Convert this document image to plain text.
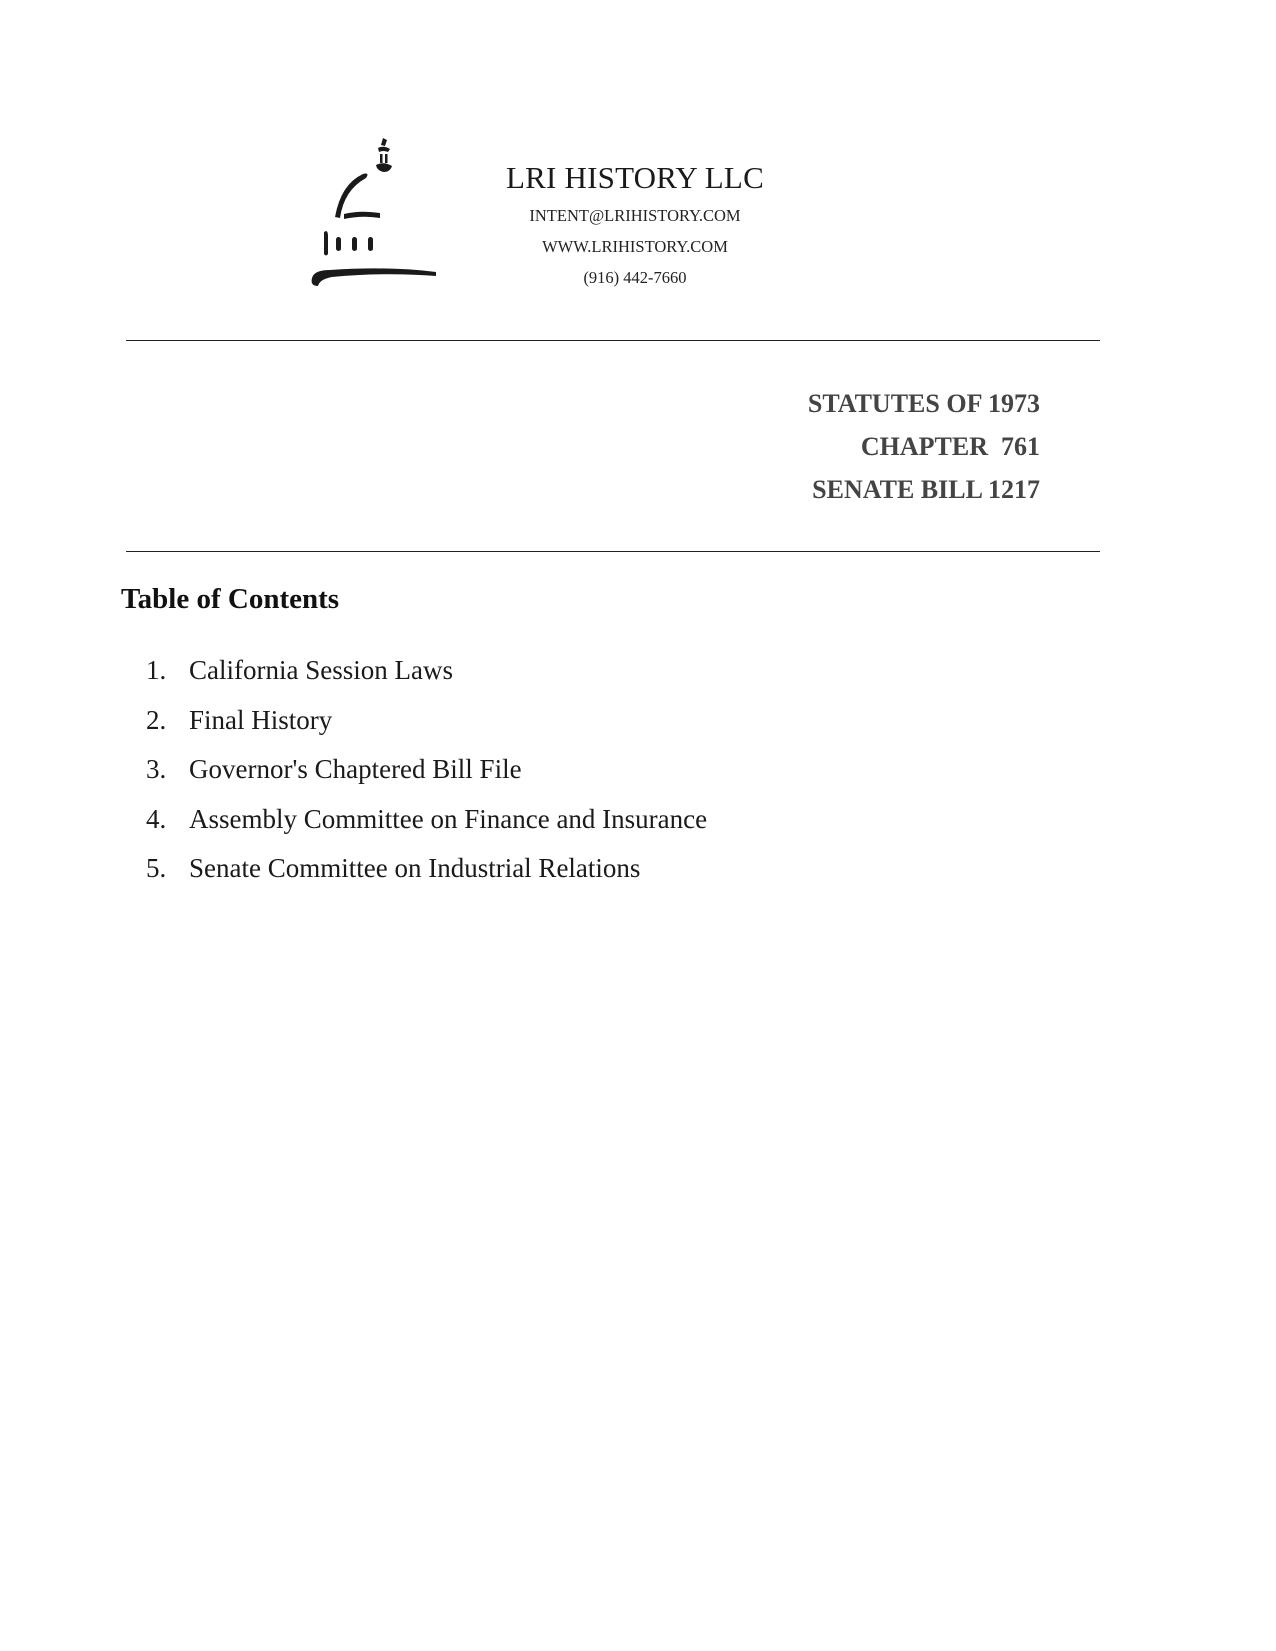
LRI HISTORY LLC
INTENT@LRIHISTORY.COM
WWW.LRIHISTORY.COM
(916) 442-7660
STATUTES OF 1973
CHAPTER  761
SENATE BILL 1217
Table of Contents
1. California Session Laws
2. Final History
3. Governor's Chaptered Bill File
4. Assembly Committee on Finance and Insurance
5. Senate Committee on Industrial Relations
